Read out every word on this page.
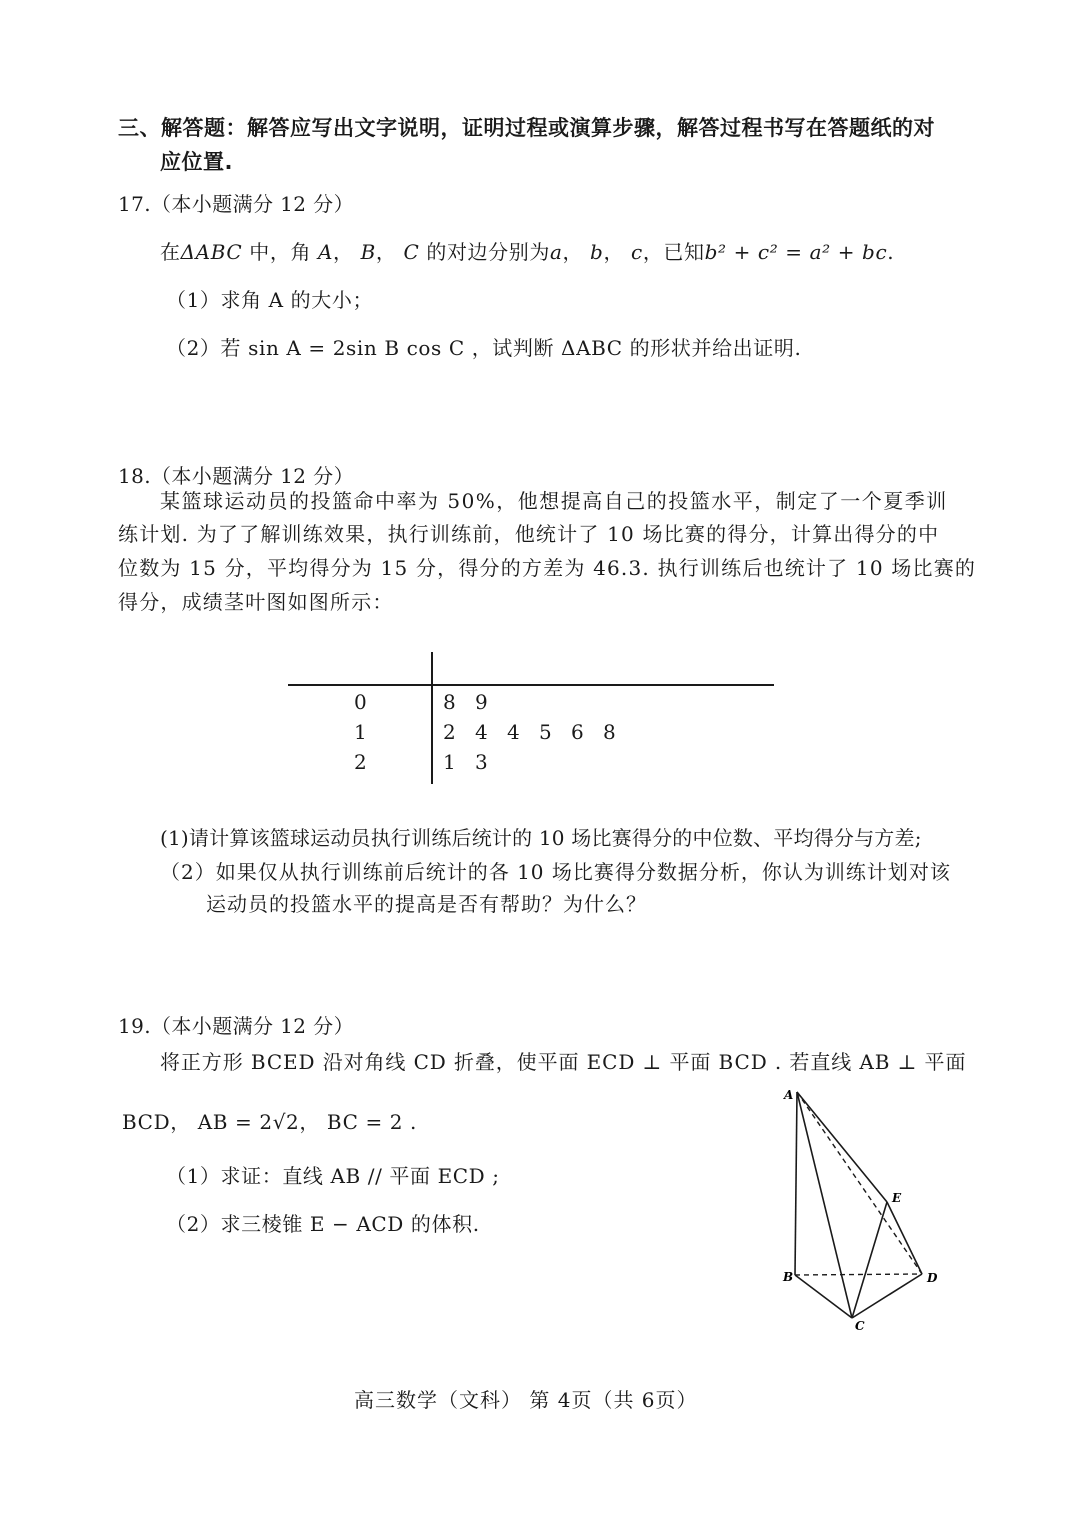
三、解答题：解答应写出文字说明，证明过程或演算步骤，解答过程书写在答题纸的对
应位置.
17.（本小题满分 12 分）
在ΔABC 中，角 A， B， C 的对边分别为a， b， c，已知b² + c² = a² + bc.
（1）求角 A 的大小；
（2）若 sin A = 2sin B cos C ，试判断 ΔABC 的形状并给出证明.
18.（本小题满分 12 分）
某篮球运动员的投篮命中率为 50%，他想提高自己的投篮水平，制定了一个夏季训
练计划. 为了了解训练效果，执行训练前，他统计了 10 场比赛的得分，计算出得分的中
位数为 15 分，平均得分为 15 分，得分的方差为 46.3. 执行训练后也统计了 10 场比赛的
得分，成绩茎叶图如图所示：
0
1
2
8 9
2 4 4 5 6 8
1 3
(1)请计算该篮球运动员执行训练后统计的 10 场比赛得分的中位数、平均得分与方差;
（2）如果仅从执行训练前后统计的各 10 场比赛得分数据分析，你认为训练计划对该
运动员的投篮水平的提高是否有帮助？为什么？
19.（本小题满分 12 分）
将正方形 BCED 沿对角线 CD 折叠，使平面 ECD ⊥ 平面 BCD . 若直线 AB ⊥ 平面
BCD， AB = 2√2， BC = 2 .
（1）求证：直线 AB // 平面 ECD ;
（2）求三棱锥 E − ACD 的体积.
A
E
B	D
C
高三数学（文科） 第 4页（共 6页）
